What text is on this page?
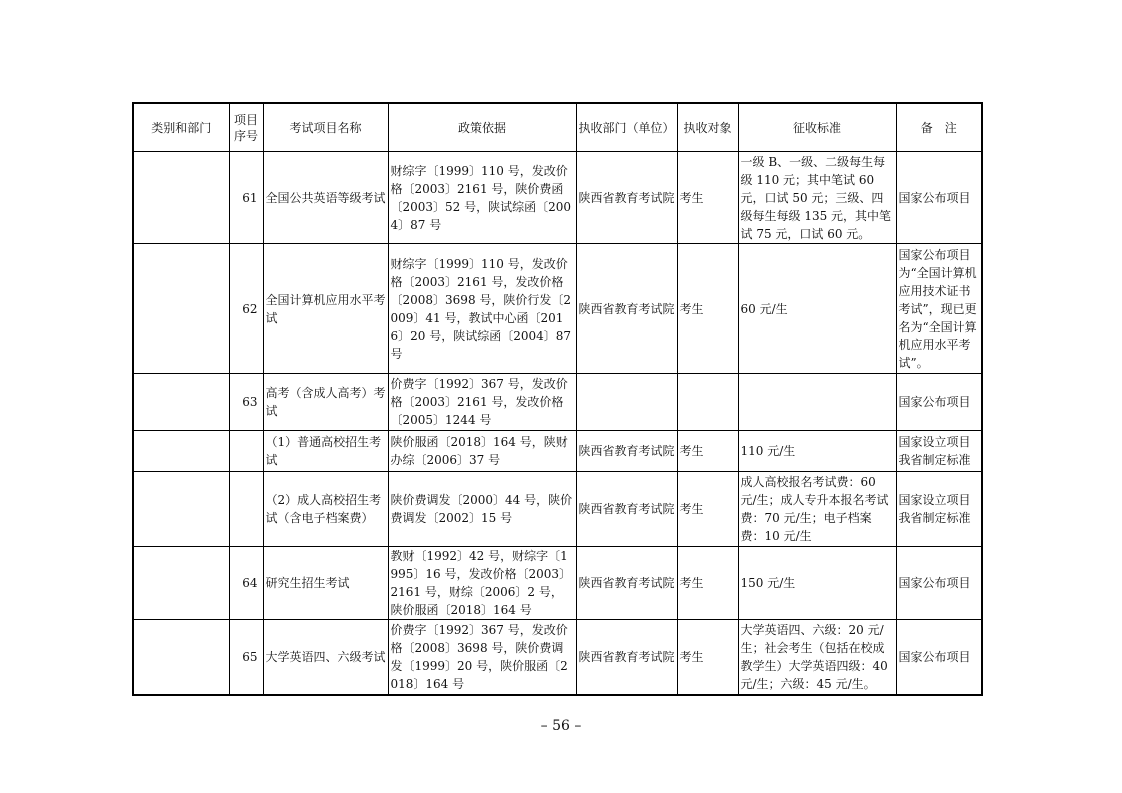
类别和部门	项目序号	考试项目名称	政策依据	执收部门（单位）	执收对象	征收标准	备　注
	61	全国公共英语等级考试	财综字〔1999〕110 号，发改价格〔2003〕2161 号，陕价费函〔2003〕52 号，陕试综函〔2004〕87 号	陕西省教育考试院	考生	一级 B、一级、二级每生每级 110 元；其中笔试 60 元，口试 50 元；三级、四级每生每级 135 元，其中笔试 75 元，口试 60 元。	国家公布项目
	62	全国计算机应用水平考试	财综字〔1999〕110 号，发改价格〔2003〕2161 号，发改价格〔2008〕3698 号，陕价行发〔2009〕41 号，教试中心函〔2016〕20 号，陕试综函〔2004〕87 号	陕西省教育考试院	考生	60 元/生	国家公布项目为“全国计算机应用技术证书考试”，现已更名为“全国计算机应用水平考试”。
	63	高考（含成人高考）考试	价费字〔1992〕367 号，发改价格〔2003〕2161 号，发改价格〔2005〕1244 号				国家公布项目
		（1）普通高校招生考试	陕价服函〔2018〕164 号，陕财办综〔2006〕37 号	陕西省教育考试院	考生	110 元/生	国家设立项目我省制定标准
		（2）成人高校招生考试（含电子档案费）	陕价费调发〔2000〕44 号，陕价费调发〔2002〕15 号	陕西省教育考试院	考生	成人高校报名考试费：60 元/生；成人专升本报名考试费：70 元/生；电子档案费：10 元/生	国家设立项目我省制定标准
	64	研究生招生考试	教财〔1992〕42 号，财综字〔1995〕16 号，发改价格〔2003〕2161 号，财综〔2006〕2 号，陕价服函〔2018〕164 号	陕西省教育考试院	考生	150 元/生	国家公布项目
	65	大学英语四、六级考试	价费字〔1992〕367 号，发改价格〔2008〕3698 号，陕价费调发〔1999〕20 号，陕价服函〔2018〕164 号	陕西省教育考试院	考生	大学英语四、六级：20 元/生；社会考生（包括在校成教学生）大学英语四级：40 元/生；六级：45 元/生。	国家公布项目
– 56 –
